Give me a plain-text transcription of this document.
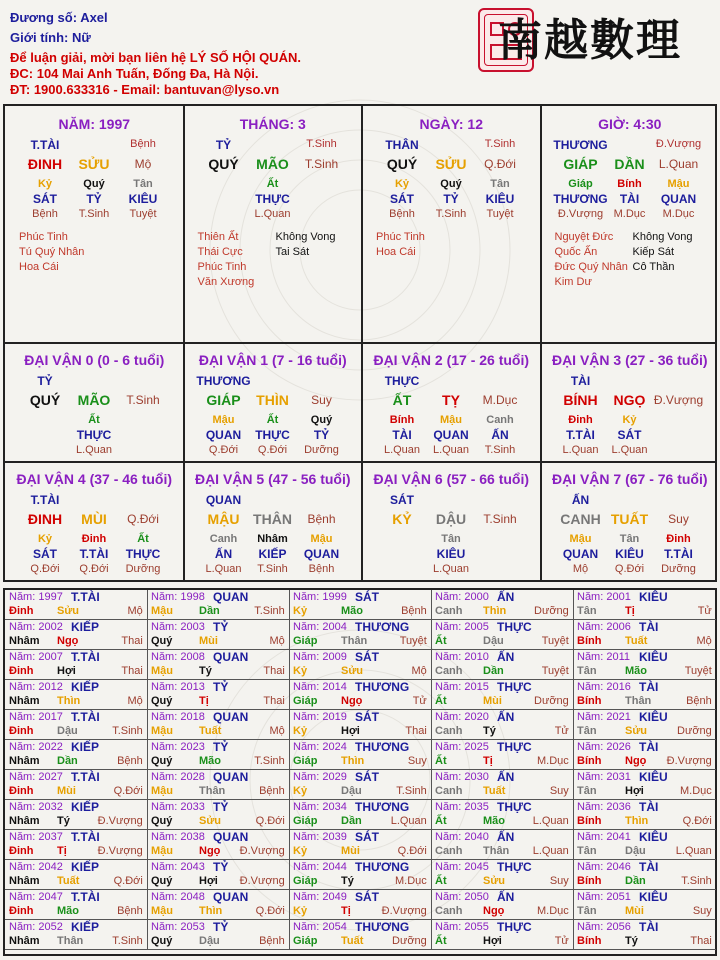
Đương số: Axel
Giới tính: Nữ
Để luận giải, mời bạn liên hệ LÝ SỐ HỘI QUÁN.
ĐC: 104 Mai Anh Tuấn, Đống Đa, Hà Nội.
ĐT: 1900.633316 - Email: bantuvan@lyso.vn
南越數理
NĂM: 1997
T.TÀI	Bệnh
ĐINH SỬU Mộ
Kỷ	Quý	Tân
SÁT TỶ KIÊU
Bệnh T.Sinh Tuyệt
Phúc Tinh
Tú Quý Nhân
Hoa Cái
THÁNG: 3
TỶ	T.Sinh
QUÝ MÃO T.Sinh
Ất
THỰC
L.Quan
Thiên Ất
Thái Cực
Phúc Tinh
Văn Xương
Không Vong
Tai Sát
NGÀY: 12
THÂN	T.Sinh
QUÝ SỬU Q.Đới
Kỷ	Quý	Tân
SÁT TỶ KIÊU
Bệnh T.Sinh Tuyệt
Phúc Tinh
Hoa Cái
GIỜ: 4:30
THƯƠNG	Đ.Vượng
GIÁP DẦN L.Quan
Giáp Bính Mậu
THƯƠNG TÀI QUAN
Đ.Vượng M.Dục M.Dục
Nguyệt Đức
Quốc Ấn
Đức Quý Nhân
Kim Dư
Không Vong
Kiếp Sát
Cô Thần
ĐẠI VẬN 0 (0 - 6 tuổi)
TỶ
QUÝ MÃO T.Sinh
Ất
THỰC
L.Quan
ĐẠI VẬN 1 (7 - 16 tuổi)
THƯƠNG
GIÁP THÌN Suy
Mậu	Ất	Quý
QUAN THỰC TỶ
Q.Đới Q.Đới Dưỡng
ĐẠI VẬN 2 (17 - 26 tuổi)
THỰC
ẤT TỴ M.Dục
Bính Mậu Canh
TÀI QUAN ẤN
L.Quan L.Quan T.Sinh
ĐẠI VẬN 3 (27 - 36 tuổi)
TÀI
BÍNH NGỌ Đ.Vượng
Đinh	Kỷ
T.TÀI SÁT
L.Quan L.Quan
ĐẠI VẬN 4 (37 - 46 tuổi)
T.TÀI
ĐINH MÙI Q.Đới
Kỷ	Đinh	Ất
SÁT T.TÀI THỰC
Q.Đới Q.Đới Dưỡng
ĐẠI VẬN 5 (47 - 56 tuổi)
QUAN
MẬU THÂN Bệnh
Canh Nhâm Mậu
ẤN KIẾP QUAN
L.Quan T.Sinh Bệnh
ĐẠI VẬN 6 (57 - 66 tuổi)
SÁT
KỶ DẬU T.Sinh
Tân
KIÊU
L.Quan
ĐẠI VẬN 7 (67 - 76 tuổi)
ẤN
CANH TUẤT Suy
Mậu	Tân Đinh
QUAN KIÊU T.TÀI
Mộ Q.Đới Dưỡng
Năm: 1997 T.TÀI
Đinh Sửu	Mộ
Năm: 1998 QUAN
Mậu Dần	T.Sinh
Năm: 1999 SÁT
Kỷ	Mão	Bệnh
Năm: 2000 ẤN
Canh Thìn	Dưỡng
Năm: 2001 KIÊU
Tân	Tị	Tử
Năm: 2002 KIẾP
Nhâm Ngọ	Thai
Năm: 2003 TỶ
Quý Mùi	Mộ
Năm: 2004 THƯƠNG
Giáp Thân	Tuyệt
Năm: 2005 THỰC
Ất	Dậu	Tuyệt
Năm: 2006 TÀI
Bính Tuất	Mộ
Năm: 2007 T.TÀI
Đinh Hợi	Thai
Năm: 2008 QUAN
Mậu Tý	Thai
Năm: 2009 SÁT
Kỷ	Sửu	Mộ
Năm: 2010 ẤN
Canh Dần	Tuyệt
Năm: 2011 KIÊU
Tân	Mão	Tuyệt
Năm: 2012 KIẾP
Nhâm Thìn	Mộ
Năm: 2013 TỶ
Quý Tị	Thai
Năm: 2014 THƯƠNG
Giáp Ngọ	Tử
Năm: 2015 THỰC
Ất	Mùi	Dưỡng
Năm: 2016 TÀI
Bính Thân	Bệnh
Năm: 2017 T.TÀI
Đinh Dậu	T.Sinh
Năm: 2018 QUAN
Mậu Tuất	Mộ
Năm: 2019 SÁT
Kỷ	Hợi	Thai
Năm: 2020 ẤN
Canh Tý	Tử
Năm: 2021 KIÊU
Tân	Sửu	Dưỡng
Năm: 2022 KIẾP
Nhâm Dần	Bệnh
Năm: 2023 TỶ
Quý Mão	T.Sinh
Năm: 2024 THƯƠNG
Giáp Thìn	Suy
Năm: 2025 THỰC
Ất	Tị	M.Dục
Năm: 2026 TÀI
Bính Ngọ Đ.Vượng
Năm: 2027 T.TÀI
Đinh Mùi	Q.Đới
Năm: 2028 QUAN
Mậu Thân	Bệnh
Năm: 2029 SÁT
Kỷ	Dậu	T.Sinh
Năm: 2030 ẤN
Canh Tuất	Suy
Năm: 2031 KIÊU
Tân	Hợi	M.Dục
Năm: 2032 KIẾP
Nhâm Tý	Đ.Vượng
Năm: 2033 TỶ
Quý Sửu	Q.Đới
Năm: 2034 THƯƠNG
Giáp Dần	L.Quan
Năm: 2035 THỰC
Ất	Mão	L.Quan
Năm: 2036 TÀI
Bính Thìn	Q.Đới
Năm: 2037 T.TÀI
Đinh Tị	Đ.Vượng
Năm: 2038 QUAN
Mậu Ngọ Đ.Vượng
Năm: 2039 SÁT
Kỷ	Mùi	Q.Đới
Năm: 2040 ẤN
Canh Thân L.Quan
Năm: 2041 KIÊU
Tân	Dậu	L.Quan
Năm: 2042 KIẾP
Nhâm Tuất	Q.Đới
Năm: 2043 TỶ
Quý Hợi Đ.Vượng
Năm: 2044 THƯƠNG
Giáp Tý	M.Dục
Năm: 2045 THỰC
Ất	Sửu	Suy
Năm: 2046 TÀI
Bính Dần	T.Sinh
Năm: 2047 T.TÀI
Đinh Mão	Bệnh
Năm: 2048 QUAN
Mậu Thìn	Q.Đới
Năm: 2049 SÁT
Kỷ	Tị	Đ.Vượng
Năm: 2050 ẤN
Canh Ngọ	M.Dục
Năm: 2051 KIÊU
Tân	Mùi	Suy
Năm: 2052 KIẾP
Nhâm Thân	T.Sinh
Năm: 2053 TỶ
Quý Dậu	Bệnh
Năm: 2054 THƯƠNG
Giáp Tuất	Dưỡng
Năm: 2055 THỰC
Ất	Hợi	Tử
Năm: 2056 TÀI
Bính Tý	Thai
